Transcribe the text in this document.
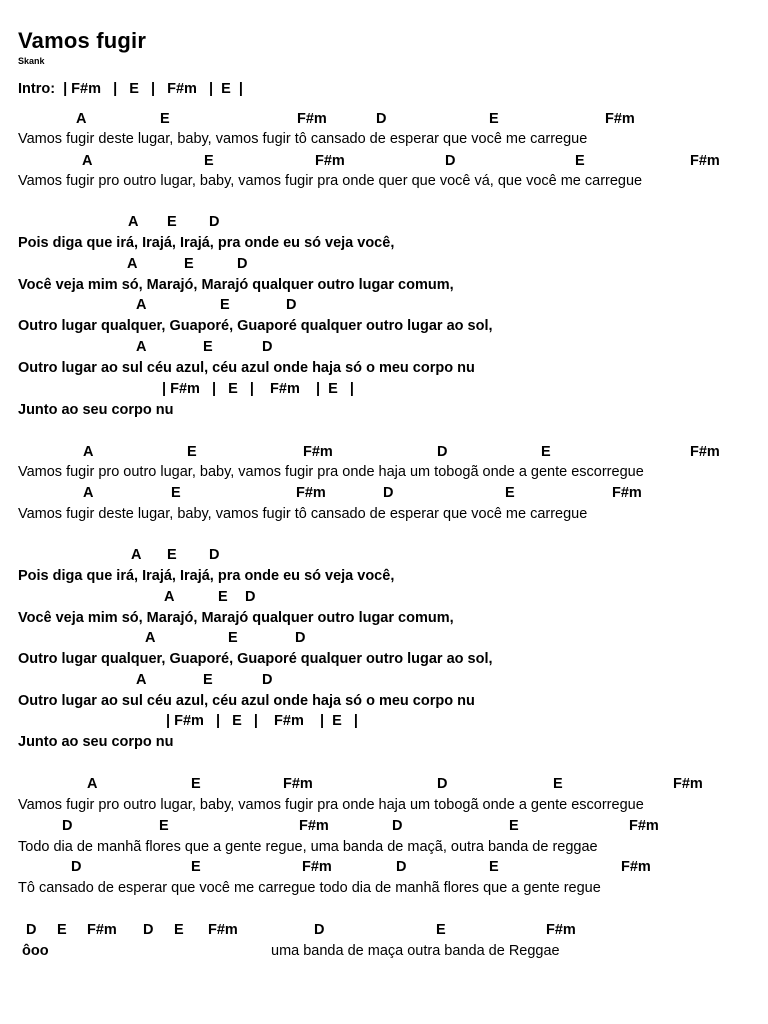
Vamos fugir
Skank
Intro:  | F#m   |   E   |   F#m   |  E  |
A	E	F#m	D	E	F#m
Vamos fugir deste lugar, baby, vamos fugir tô cansado de esperar que você me carregue
A	E	F#m	D	E	F#m
Vamos fugir pro outro lugar, baby, vamos fugir pra onde quer que você vá, que você me carregue
A E D
Pois diga que irá, Irajá, Irajá, pra onde eu só veja você,
A	E	D
Você veja mim só, Marajó, Marajó qualquer outro lugar comum,
A	E	D
Outro lugar qualquer, Guaporé, Guaporé qualquer outro lugar ao sol,
A	E	D
Outro lugar ao sul céu azul, céu azul onde haja só o meu corpo nu
| F#m   |   E   |    F#m    |  E   |
Junto ao seu corpo nu
A	E	F#m	D	E	F#m
Vamos fugir pro outro lugar, baby, vamos fugir pra onde haja um tobogã onde a gente escorregue
A	E	F#m	D	E	F#m
Vamos fugir deste lugar, baby, vamos fugir tô cansado de esperar que você me carregue
A E D
Pois diga que irá, Irajá, Irajá, pra onde eu só veja você,
A	E D
Você veja mim só, Marajó, Marajó qualquer outro lugar comum,
A	E	D
Outro lugar qualquer, Guaporé, Guaporé qualquer outro lugar ao sol,
A	E	D
Outro lugar ao sul céu azul, céu azul onde haja só o meu corpo nu
| F#m   |   E   |    F#m    |  E   |
Junto ao seu corpo nu
A	E	F#m	D	E	F#m
Vamos fugir pro outro lugar, baby, vamos fugir pra onde haja um tobogã onde a gente escorregue
D	E	F#m	D	E	F#m
Todo dia de manhã flores que a gente regue, uma banda de maçã, outra banda de reggae
D	E	F#m	D	E	F#m
Tô cansado de esperar que você me carregue todo dia de manhã flores que a gente regue
D E F#m D E F#m	D	E	F#m
ôoo	uma banda de maça outra banda de Reggae
